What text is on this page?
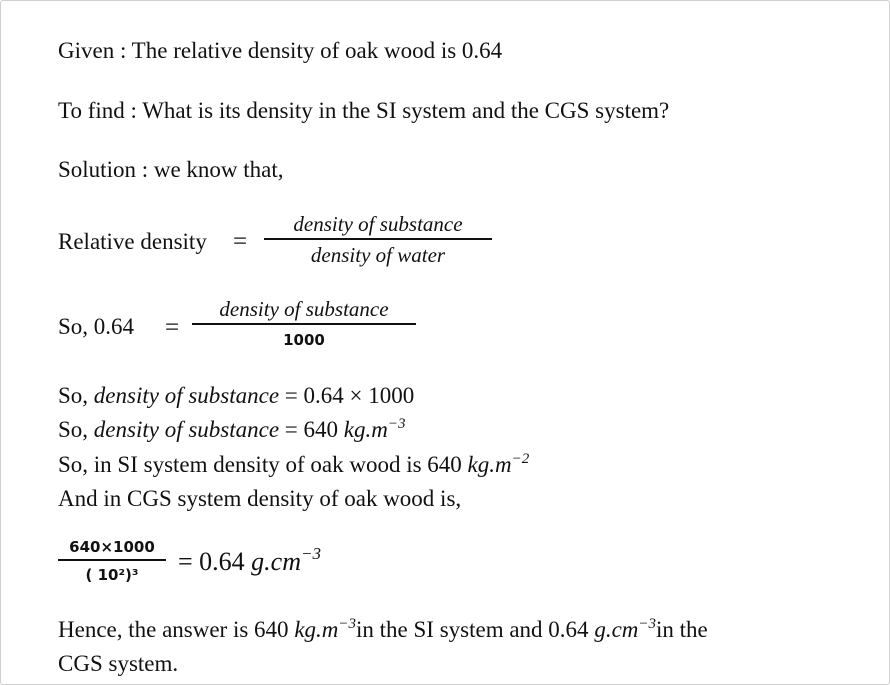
Given : The relative density of oak wood is 0.64
To find : What is its density in the SI system and the CGS system?
Solution : we know that,
Relative density =
density of substance
density of water
So, 0.64 =
density of substance
1000
So, density of substance = 0.64 × 1000
So, density of substance = 640 $kg.m^{-3}$
So, in SI system density of oak wood is 640 $kg.m^{-2}$
And in CGS system density of oak wood is,
640×1000
( 10²)³	= 0.64 $g.cm^{-3}$
Hence, the answer is 640 $kg.m^{-3}in$ the SI system and 0.64 $g.cm^{-3}in$ the
CGS system.
